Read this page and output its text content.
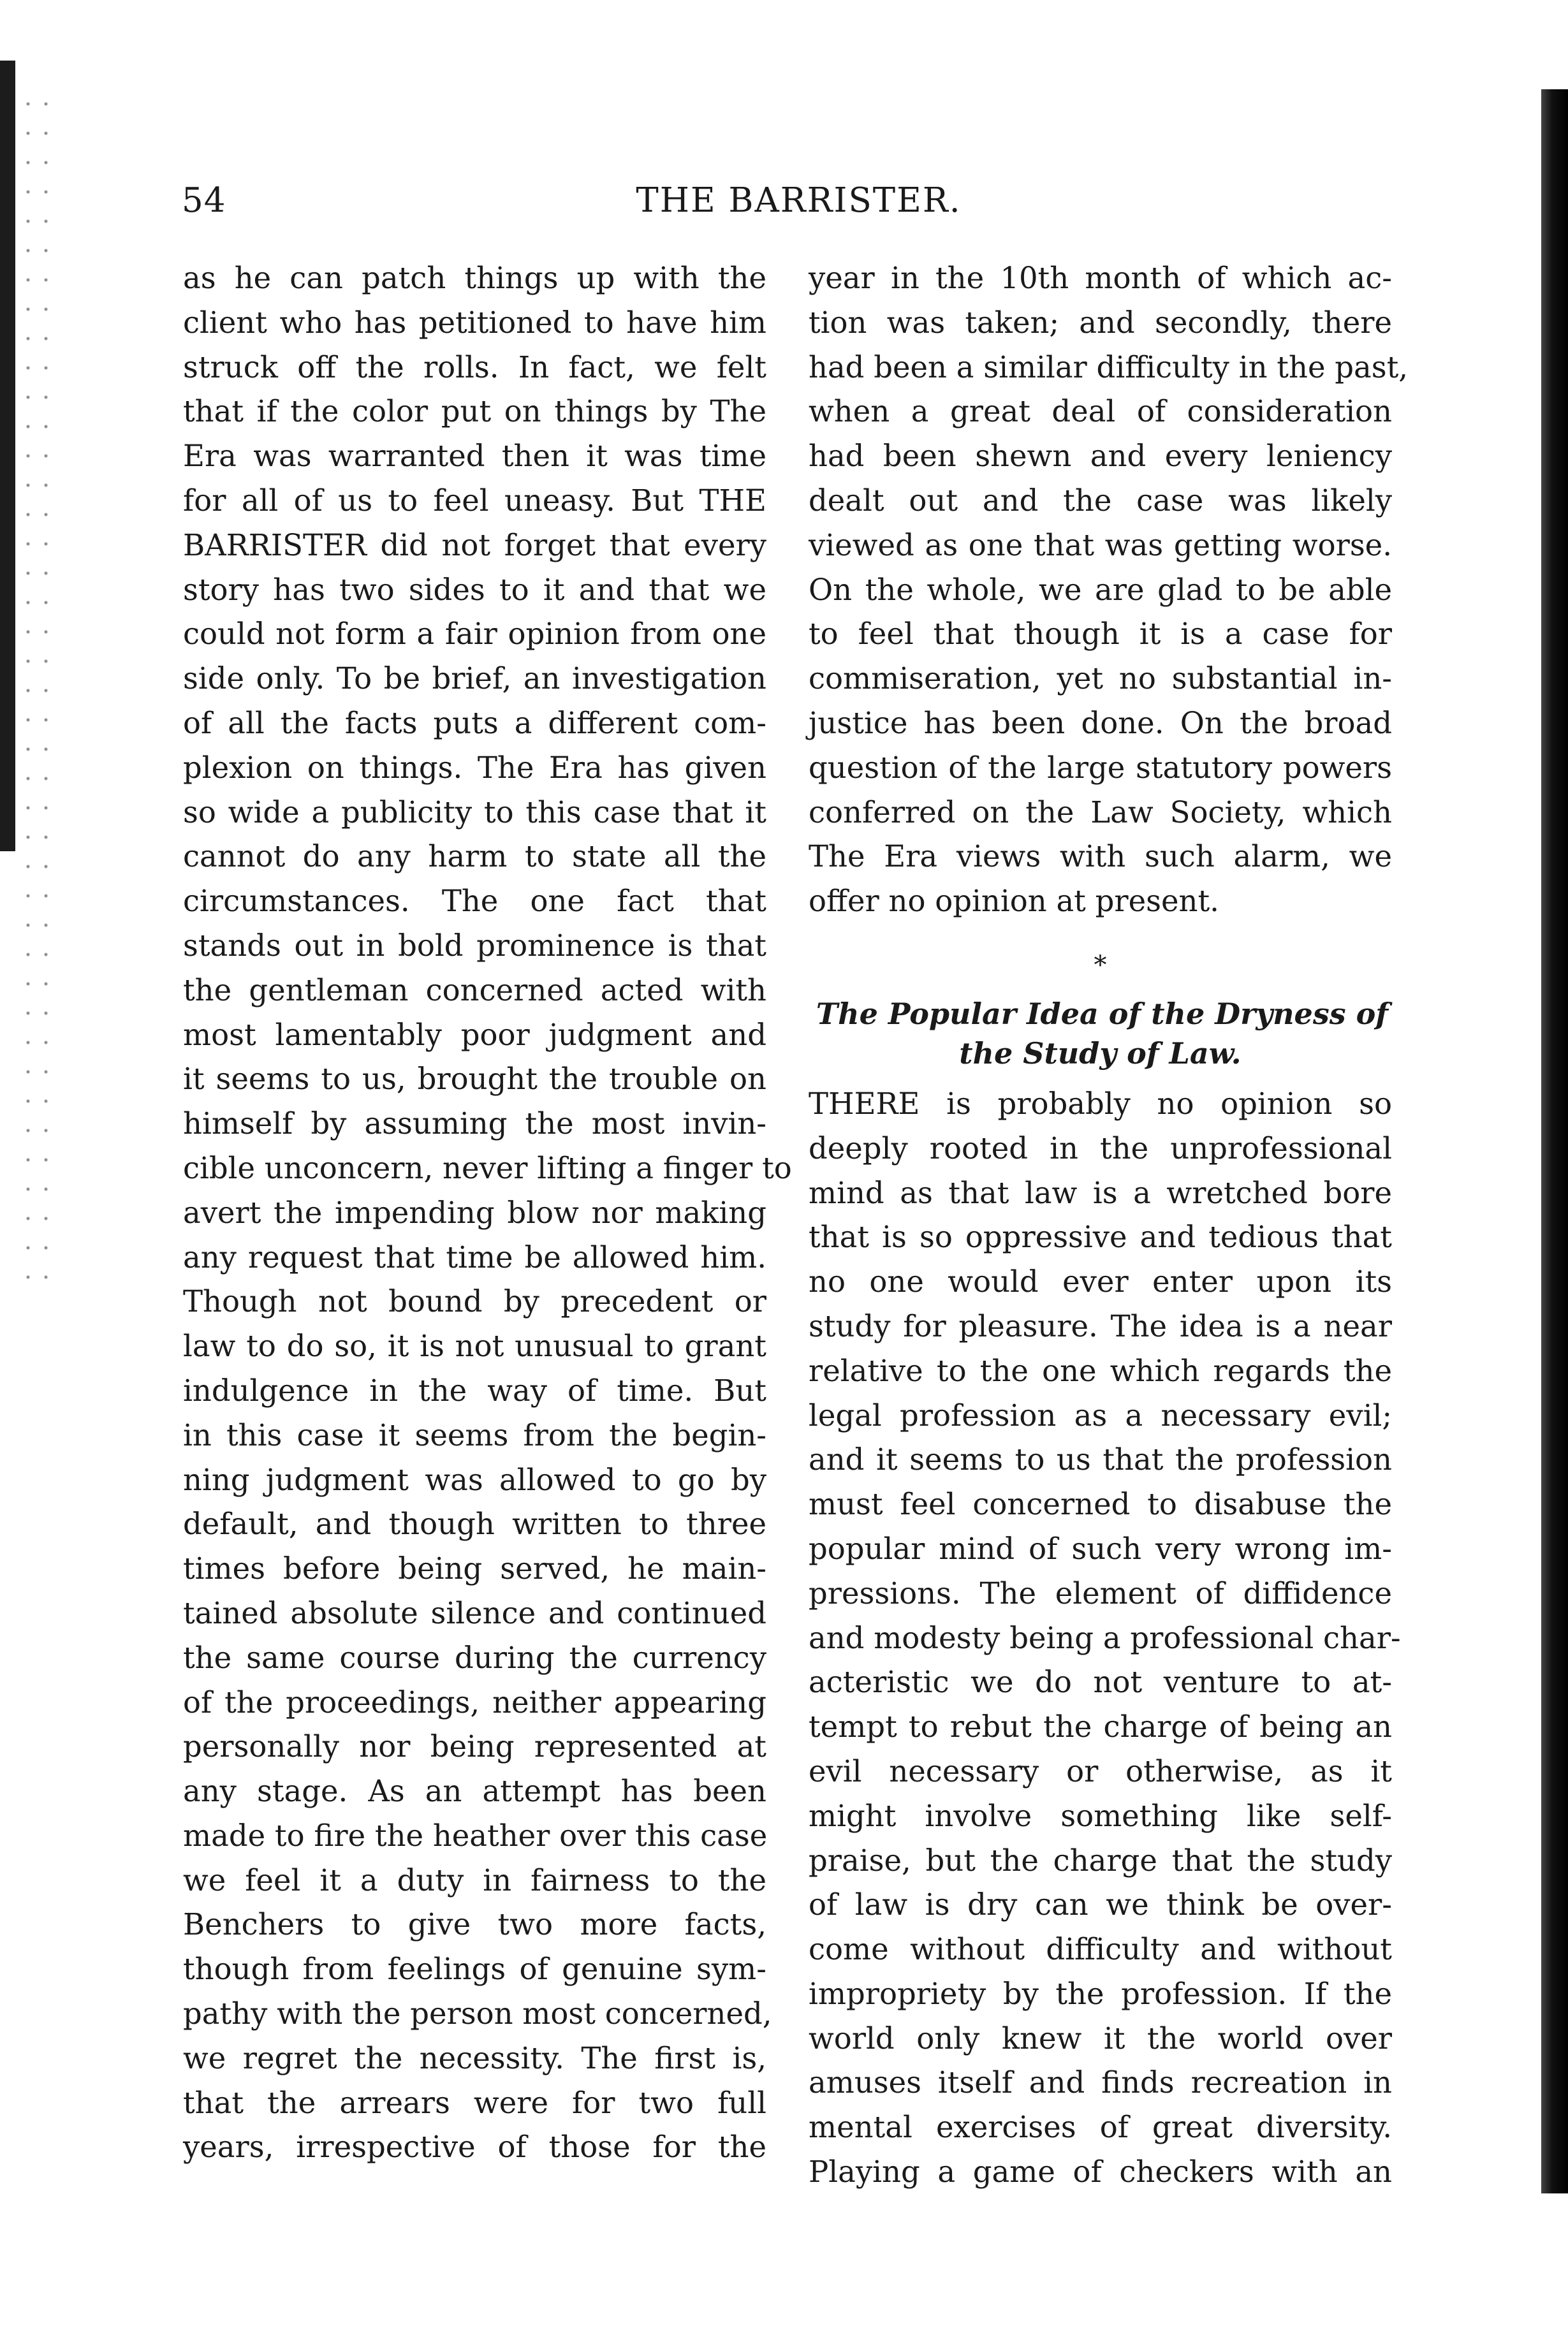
54	THE BARRISTER.
as he can patch things up with the
client who has petitioned to have him
struck off the rolls. In fact, we felt
that if the color put on things by The
Era was warranted then it was time
for all of us to feel uneasy. But THE
BARRISTER did not forget that every
story has two sides to it and that we
could not form a fair opinion from one
side only. To be brief, an investigation
of all the facts puts a different com-
plexion on things. The Era has given
so wide a publicity to this case that it
cannot do any harm to state all the
circumstances. The one fact that
stands out in bold prominence is that
the gentleman concerned acted with
most lamentably poor judgment and
it seems to us, brought the trouble on
himself by assuming the most invin-
cible unconcern, never lifting a finger to
avert the impending blow nor making
any request that time be allowed him.
Though not bound by precedent or
law to do so, it is not unusual to grant
indulgence in the way of time. But
in this case it seems from the begin-
ning judgment was allowed to go by
default, and though written to three
times before being served, he main-
tained absolute silence and continued
the same course during the currency
of the proceedings, neither appearing
personally nor being represented at
any stage. As an attempt has been
made to fire the heather over this case
we feel it a duty in fairness to the
Benchers to give two more facts,
though from feelings of genuine sym-
pathy with the person most concerned,
we regret the necessity. The first is,
that the arrears were for two full
years, irrespective of those for the
year in the 10th month of which ac-
tion was taken; and secondly, there
had been a similar difficulty in the past,
when a great deal of consideration
had been shewn and every leniency
dealt out and the case was likely
viewed as one that was getting worse.
On the whole, we are glad to be able
to feel that though it is a case for
commiseration, yet no substantial in-
justice has been done. On the broad
question of the large statutory powers
conferred on the Law Society, which
The Era views with such alarm, we
offer no opinion at present.
*
The Popular Idea of the Dryness of
the Study of Law.
THERE is probably no opinion so
deeply rooted in the unprofessional
mind as that law is a wretched bore
that is so oppressive and tedious that
no one would ever enter upon its
study for pleasure. The idea is a near
relative to the one which regards the
legal profession as a necessary evil;
and it seems to us that the profession
must feel concerned to disabuse the
popular mind of such very wrong im-
pressions. The element of diffidence
and modesty being a professional char-
acteristic we do not venture to at-
tempt to rebut the charge of being an
evil necessary or otherwise, as it
might involve something like self-
praise, but the charge that the study
of law is dry can we think be over-
come without difficulty and without
impropriety by the profession. If the
world only knew it the world over
amuses itself and finds recreation in
mental exercises of great diversity.
Playing a game of checkers with an
